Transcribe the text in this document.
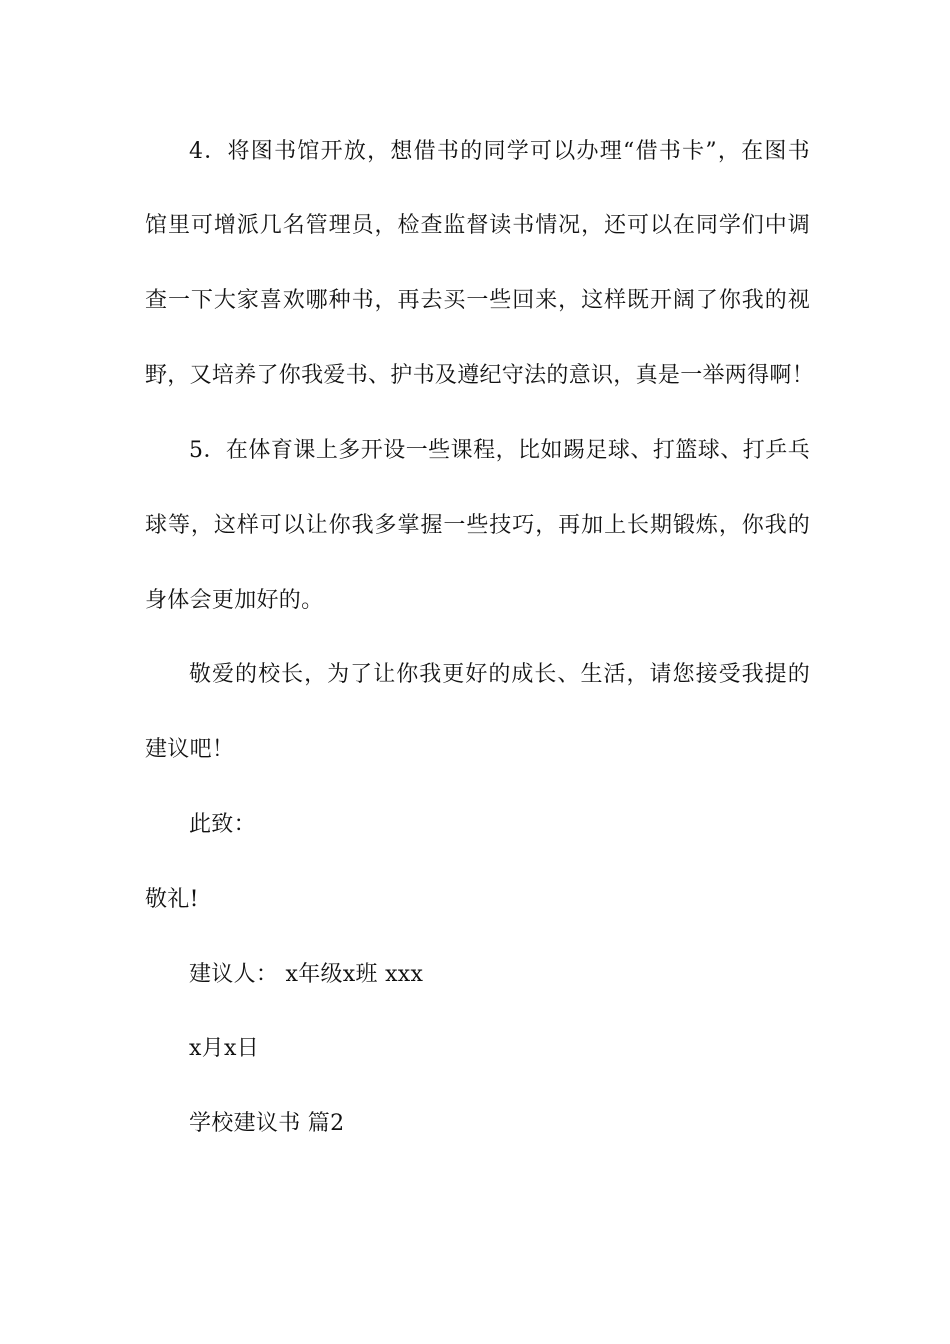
4．将图书馆开放，想借书的同学可以办理“借书卡”，在图书
馆里可增派几名管理员，检查监督读书情况，还可以在同学们中调
查一下大家喜欢哪种书，再去买一些回来，这样既开阔了你我的视
野，又培养了你我爱书、护书及遵纪守法的意识，真是一举两得啊！
5．在体育课上多开设一些课程，比如踢足球、打篮球、打乒乓
球等，这样可以让你我多掌握一些技巧，再加上长期锻炼，你我的
身体会更加好的。
敬爱的校长，为了让你我更好的成长、生活，请您接受我提的
建议吧！
此致：
敬礼!
建议人： x年级x班 xxx
x月x日
学校建议书 篇2
